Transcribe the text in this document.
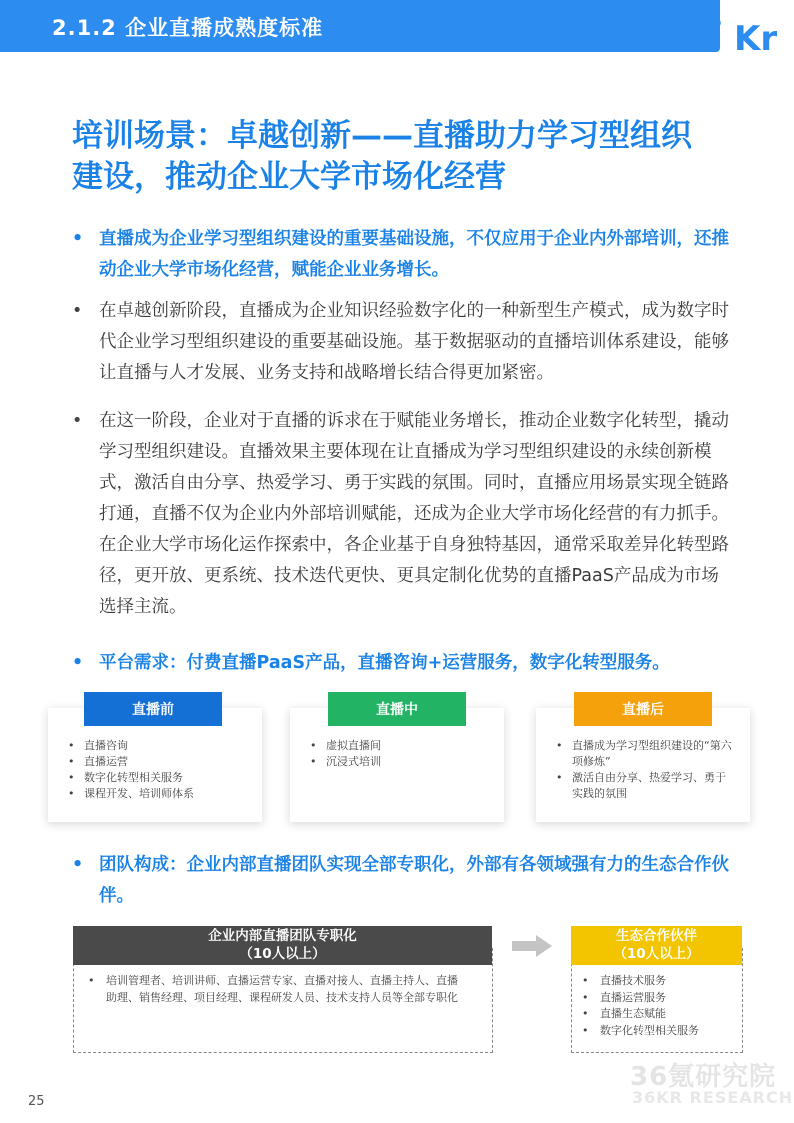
2.1.2 企业直播成熟度标准	36 Kr
培训场景：卓越创新——直播助力学习型组织
建设，推动企业大学市场化经营
• 直播成为企业学习型组织建设的重要基础设施，不仅应用于企业内外部培训，还推动企业大学市场化经营，赋能企业业务增长。
• 在卓越创新阶段，直播成为企业知识经验数字化的一种新型生产模式，成为数字时代企业学习型组织建设的重要基础设施。基于数据驱动的直播培训体系建设，能够让直播与人才发展、业务支持和战略增长结合得更加紧密。
• 在这一阶段，企业对于直播的诉求在于赋能业务增长，推动企业数字化转型，撬动学习型组织建设。直播效果主要体现在让直播成为学习型组织建设的永续创新模式，激活自由分享、热爱学习、勇于实践的氛围。同时，直播应用场景实现全链路打通，直播不仅为企业内外部培训赋能，还成为企业大学市场化经营的有力抓手。在企业大学市场化运作探索中，各企业基于自身独特基因，通常采取差异化转型路径，更开放、更系统、技术迭代更快、更具定制化优势的直播PaaS产品成为市场选择主流。
• 平台需求：付费直播PaaS产品，直播咨询+运营服务，数字化转型服务。
• 直播咨询
• 直播运营
• 数字化转型相关服务
• 课程开发、培训师体系
直播前
• 虚拟直播间
• 沉浸式培训
直播中
• 直播成为学习型组织建设的“第六项修炼”
• 激活自由分享、热爱学习、勇于实践的氛围
直播后
• 团队构成：企业内部直播团队实现全部专职化，外部有各领域强有力的生态合作伙伴。
• 培训管理者、培训讲师、直播运营专家、直播对接人、直播主持人、直播助理、销售经理、项目经理、课程研发人员、技术支持人员等全部专职化
企业内部直播团队专职化
（10人以上）
• 直播技术服务
• 直播运营服务
• 直播生态赋能
• 数字化转型相关服务
生态合作伙伴
（10人以上）
25
36氪研究院
36KR RESEARCH
